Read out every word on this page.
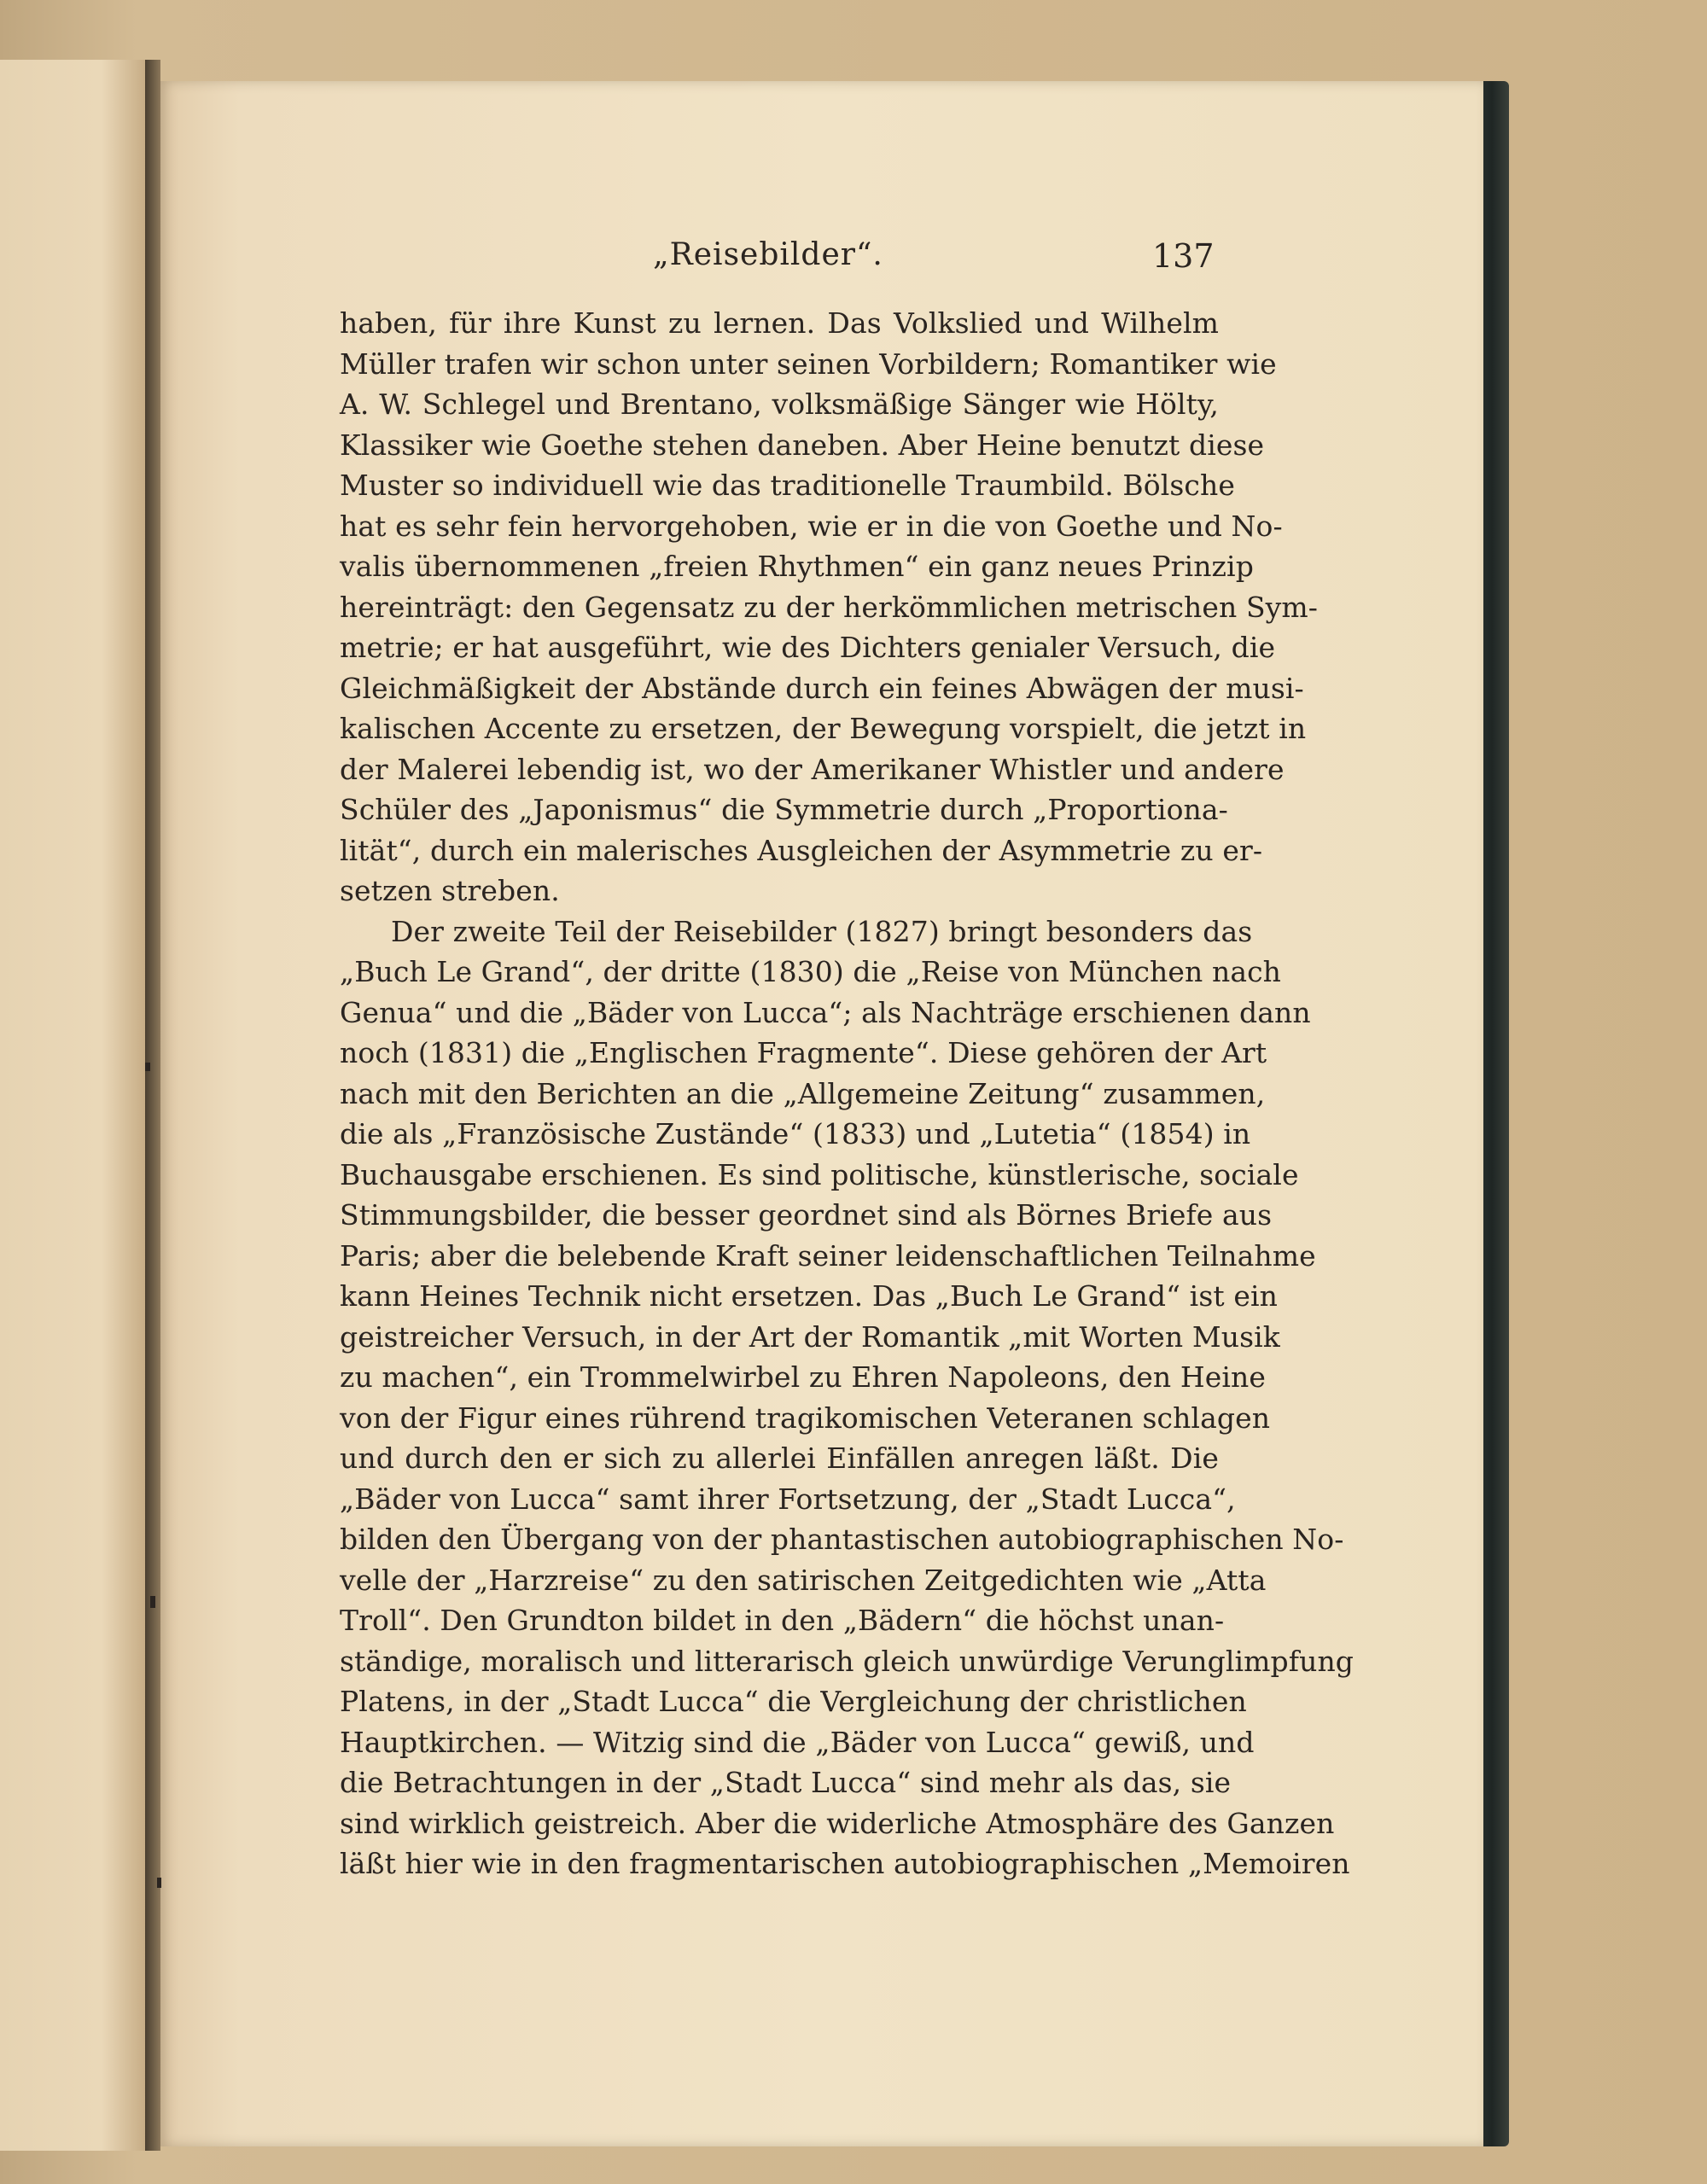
„Reisebilder“.	137
haben, für ihre Kunst zu lernen. Das Volkslied und Wilhelm
Müller trafen wir schon unter seinen Vorbildern; Romantiker wie
A. W. Schlegel und Brentano, volksmäßige Sänger wie Hölty,
Klassiker wie Goethe stehen daneben. Aber Heine benutzt diese
Muster so individuell wie das traditionelle Traumbild. Bölsche
hat es sehr fein hervorgehoben, wie er in die von Goethe und No-
valis übernommenen „freien Rhythmen“ ein ganz neues Prinzip
hereinträgt: den Gegensatz zu der herkömmlichen metrischen Sym-
metrie; er hat ausgeführt, wie des Dichters genialer Versuch, die
Gleichmäßigkeit der Abstände durch ein feines Abwägen der musi-
kalischen Accente zu ersetzen, der Bewegung vorspielt, die jetzt in
der Malerei lebendig ist, wo der Amerikaner Whistler und andere
Schüler des „Japonismus“ die Symmetrie durch „Proportiona-
lität“, durch ein malerisches Ausgleichen der Asymmetrie zu er-
setzen streben.
Der zweite Teil der Reisebilder (1827) bringt besonders das
„Buch Le Grand“, der dritte (1830) die „Reise von München nach
Genua“ und die „Bäder von Lucca“; als Nachträge erschienen dann
noch (1831) die „Englischen Fragmente“. Diese gehören der Art
nach mit den Berichten an die „Allgemeine Zeitung“ zusammen,
die als „Französische Zustände“ (1833) und „Lutetia“ (1854) in
Buchausgabe erschienen. Es sind politische, künstlerische, sociale
Stimmungsbilder, die besser geordnet sind als Börnes Briefe aus
Paris; aber die belebende Kraft seiner leidenschaftlichen Teilnahme
kann Heines Technik nicht ersetzen. Das „Buch Le Grand“ ist ein
geistreicher Versuch, in der Art der Romantik „mit Worten Musik
zu machen“, ein Trommelwirbel zu Ehren Napoleons, den Heine
von der Figur eines rührend tragikomischen Veteranen schlagen
und durch den er sich zu allerlei Einfällen anregen läßt. Die
„Bäder von Lucca“ samt ihrer Fortsetzung, der „Stadt Lucca“,
bilden den Übergang von der phantastischen autobiographischen No-
velle der „Harzreise“ zu den satirischen Zeitgedichten wie „Atta
Troll“. Den Grundton bildet in den „Bädern“ die höchst unan-
ständige, moralisch und litterarisch gleich unwürdige Verunglimpfung
Platens, in der „Stadt Lucca“ die Vergleichung der christlichen
Hauptkirchen. — Witzig sind die „Bäder von Lucca“ gewiß, und
die Betrachtungen in der „Stadt Lucca“ sind mehr als das, sie
sind wirklich geistreich. Aber die widerliche Atmosphäre des Ganzen
läßt hier wie in den fragmentarischen autobiographischen „Memoiren
